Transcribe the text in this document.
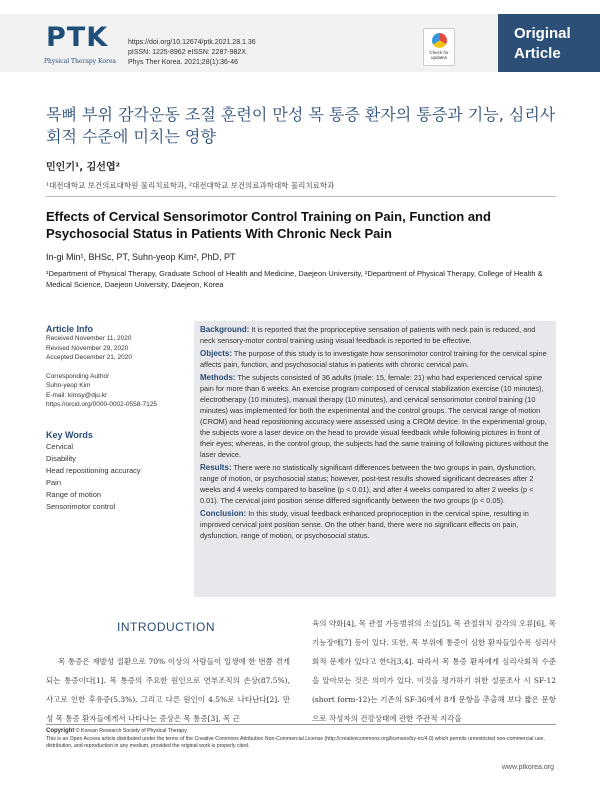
PTK
Physical Therapy Korea
https://doi.org/10.12674/ptk.2021.28.1.36
pISSN: 1225-8962 eISSN: 2287-982X
Phys Ther Korea. 2021;28(1):36-46
Check for updates
Original
Article
목뼈 부위 감각운동 조절 훈련이 만성 목 통증 환자의 통증과 기능, 심리사회적 수준에 미치는 영향
민인기¹, 김선엽²
¹대전대학교 보건의료대학원 물리치료학과, ²대전대학교 보건의료과학대학 물리치료학과
Effects of Cervical Sensorimotor Control Training on Pain, Function and Psychosocial Status in Patients With Chronic Neck Pain
In-gi Min¹, BHSc, PT, Suhn-yeop Kim², PhD, PT
¹Department of Physical Therapy, Graduate School of Health and Medicine, Daejeon University, ²Department of Physical Therapy, College of Health & Medical Science, Daejeon University, Daejeon, Korea
Article Info
Received November 11, 2020
Revised November 29, 2020
Accepted December 21, 2020
Corresponding Author
Suhn-yeop Kim
E-mail: kimsy@dju.kr
https://orcid.org/0000-0002-0558-7125
Key Words
Cervical
Disability
Head repositioning accuracy
Pain
Range of motion
Sensorimotor control
Background: It is reported that the proprioceptive sensation of patients with neck pain is reduced, and neck sensory-motor control training using visual feedback is reported to be effective.
Objects: The purpose of this study is to investigate how sensorimotor control training for the cervical spine affects pain, function, and psychosocial status in patients with chronic cervical pain.
Methods: The subjects consisted of 36 adults (male: 15, female: 21) who had experienced cervical spine pain for more than 6 weeks. An exercise program composed of cervical stabilization exercise (10 minutes), electrotherapy (10 minutes), manual therapy (10 minutes), and cervical sensorimotor control training (10 minutes) was implemented for both the experimental and the control groups. The cervical range of motion (CROM) and head repositioning accuracy were assessed using a CROM device. In the experimental group, the subjects wore a laser device on the head to provide visual feedback while following pictures in front of their eyes; whereas, in the control group, the subjects had the same training of following pictures without the laser device.
Results: There were no statistically significant differences between the two groups in pain, dysfunction, range of motion, or psychosocial status; however, post-test results showed significant decreases after 2 weeks and 4 weeks compared to baseline (p < 0.01), and after 4 weeks compared to after 2 weeks (p < 0.01). The cervical joint position sense differed significantly between the two groups (p < 0.05).
Conclusion: In this study, visual feedback enhanced proprioception in the cervical spine, resulting in improved cervical joint position sense. On the other hand, there were no significant effects on pain, dysfunction, range of motion, or psychosocial status.
INTRODUCTION
목 통증은 재발성 질환으로 70% 이상의 사람들이 일생에 한 번쯤 겪게 되는 통증이다[1]. 목 통증의 주요한 원인으로 연부조직의 손상(87.5%), 사고로 인한 후유증(5.3%), 그리고 다른 원인이 4.5%로 나타난다[2]. 만성 목 통증 환자들에게서 나타나는 증상은 목 통증[3], 목 근
육의 약화[4], 목 관절 가동범위의 소실[5], 목 관절위치 감각의 오류[6], 목 기능장애[7] 등이 있다. 또한, 목 부위에 통증이 심한 환자들일수록 심리사회적 문제가 있다고 한다[3,4]. 따라서 목 통증 환자에게 심리사회적 수준을 알아보는 것은 의미가 있다. 이것을 평가하기 위한 설문조사 시 SF-12 (short form-12)는 기존의 SF-36에서 8개 문항을 추출해 보다 짧은 문항으로 작성자의 건강상태에 관한 주관적 지각을
Copyright © Korean Research Society of Physical Therapy
This is an Open Access article distributed under the terms of the Creative Commons Attribution Non-Commercial License (http://creativecommons.org/licenses/by-nc/4.0) which permits unrestricted non-commercial use, distribution, and reproduction in any medium, provided the original work is properly cited.
www.ptkorea.org
